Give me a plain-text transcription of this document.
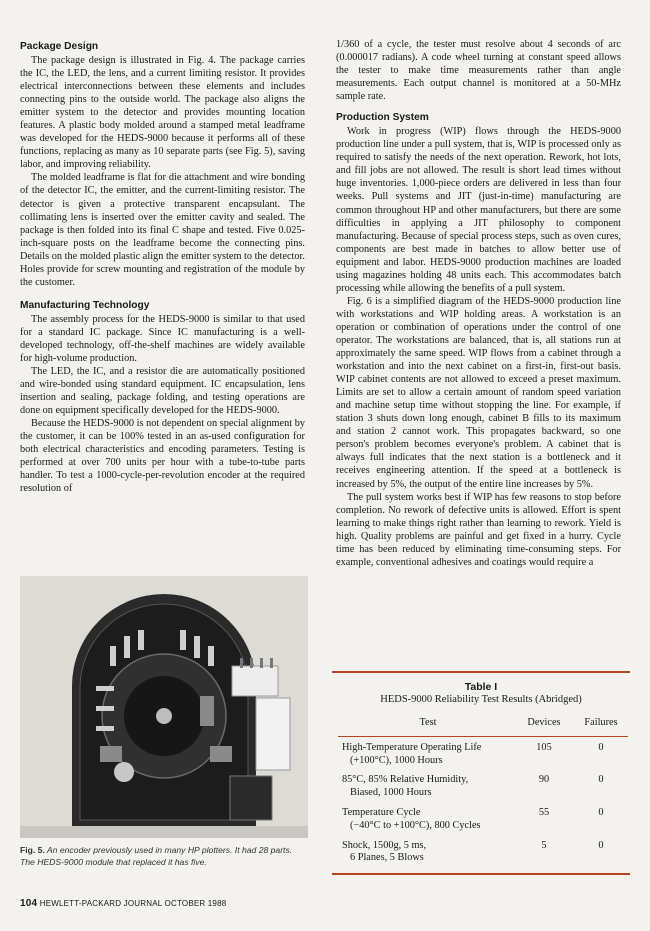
Package Design

The package design is illustrated in Fig. 4. The package carries the IC, the LED, the lens, and a current limiting resistor. It provides electrical interconnections between these elements and includes connecting pins to the outside world. The package also aligns the emitter system to the detector and provides mounting location features. A plastic body molded around a stamped metal leadframe was developed for the HEDS-9000 because it performs all of these functions, replacing as many as 10 separate parts (see Fig. 5), saving labor, and improving reliability.

The molded leadframe is flat for die attachment and wire bonding of the detector IC, the emitter, and the current-limiting resistor. The detector is given a protective transparent encapsulant. The collimating lens is inserted over the emitter cavity and sealed. The package is then folded into its final C shape and tested. Five 0.025-inch-square posts on the leadframe become the connecting pins. Details on the molded plastic align the emitter system to the detector. Holes provide for screw mounting and registration of the module by the customer.

Manufacturing Technology

The assembly process for the HEDS-9000 is similar to that used for a standard IC package. Since IC manufacturing is a well-developed technology, off-the-shelf machines are widely available for high-volume production.

The LED, the IC, and a resistor die are automatically positioned and wire-bonded using standard equipment. IC encapsulation, lens insertion and sealing, package folding, and testing operations are done on equipment specifically developed for the HEDS-9000.

Because the HEDS-9000 is not dependent on special alignment by the customer, it can be 100% tested in an as-used configuration for both electrical characteristics and encoding parameters. Testing is performed at over 700 units per hour with a tube-to-tube parts handler. To test a 1000-cycle-per-revolution encoder at the required resolution of

1/360 of a cycle, the tester must resolve about 4 seconds of arc (0.000017 radians). A code wheel turning at constant speed allows the tester to make time measurements rather than angle measurements. Each output channel is monitored at a 50-MHz sample rate.

Production System

Work in progress (WIP) flows through the HEDS-9000 production line under a pull system, that is, WIP is processed only as required to satisfy the needs of the next operation. Rework, hot lots, and fill jobs are not allowed. The result is short lead times without huge inventories. 1,000-piece orders are delivered in less than four weeks. Pull systems and JIT (just-in-time) manufacturing are common throughout HP and other manufacturers, but there are some difficulties in applying a JIT philosophy to component manufacturing. Because of special process steps, such as oven cures, components are best made in batches to allow better use of equipment and labor. HEDS-9000 production machines are loaded using magazines holding 48 units each. This accommodates batch processing while allowing the benefits of a pull system.

Fig. 6 is a simplified diagram of the HEDS-9000 production line with workstations and WIP holding areas. A workstation is an operation or combination of operations under the control of one operator. The workstations are balanced, that is, all stations run at approximately the same speed. WIP flows from a cabinet through a workstation and into the next cabinet on a first-in, first-out basis. WIP cabinet contents are not allowed to exceed a preset maximum. Limits are set to allow a certain amount of random speed variation and machine setup time without stopping the line. For example, if station 3 shuts down long enough, cabinet B fills to its maximum and station 2 cannot work. This propagates backward, so one person's problem becomes everyone's problem. A cabinet that is always full indicates that the next station is a bottleneck and it receives engineering attention. If the speed at a bottleneck is increased by 5%, the output of the entire line increases by 5%.

The pull system works best if WIP has few reasons to stop before completion. No rework of defective units is allowed. Effort is spent learning to make things right rather than learning to rework. Yield is high. Quality problems are painful and get fixed in a hurry. Cycle time has been reduced by eliminating time-consuming steps. For example, conventional adhesives and coatings would require a

Fig. 5. An encoder previously used in many HP plotters. It had 28 parts. The HEDS-9000 module that replaced it has five.
Table I
HEDS-9000 Reliability Test Results (Abridged)
Test	Devices	Failures

High-Temperature Operating Life
(+100°C), 1000 Hours	105	0

85°C, 85% Relative Humidity,
Biased, 1000 Hours	90	0

Temperature Cycle
(−40°C to +100°C), 800 Cycles	55	0

Shock, 1500g, 5 ms,
6 Planes, 5 Blows	5	0
104 HEWLETT-PACKARD JOURNAL OCTOBER 1988
